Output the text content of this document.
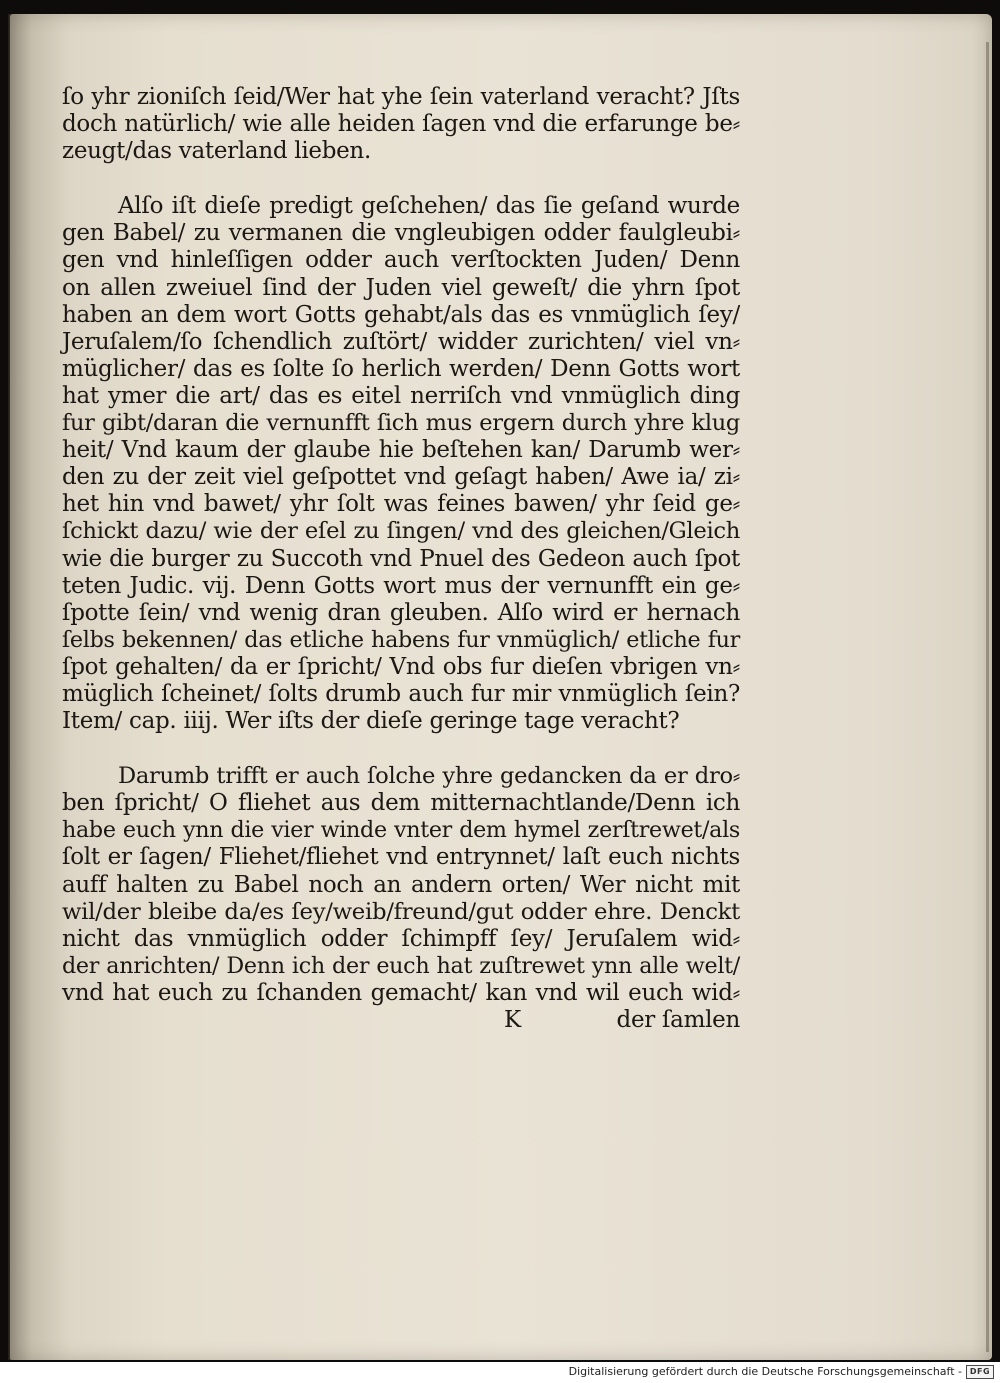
ſo yhr zioniſch ſeid/Wer hat yhe ſein vaterland veracht? Jſts
doch natürlich/ wie alle heiden ſagen vnd die erfarunge be⸗
zeugt/das vaterland lieben.
Alſo iſt dieſe predigt geſchehen/ das ſie geſand wurde
gen Babel/ zu vermanen die vngleubigen odder faulgleubi⸗
gen vnd hinleſſigen odder auch verſtockten Juden/ Denn
on allen zweiuel ſind der Juden viel geweſt/ die yhrn ſpot
haben an dem wort Gotts gehabt/als das es vnmüglich ſey/
Jeruſalem/ſo ſchendlich zuſtört/ widder zurichten/ viel vn⸗
müglicher/ das es ſolte ſo herlich werden/ Denn Gotts wort
hat ymer die art/ das es eitel nerriſch vnd vnmüglich ding
fur gibt/daran die vernunfft ſich mus ergern durch yhre klug
heit/ Vnd kaum der glaube hie beſtehen kan/ Darumb wer⸗
den zu der zeit viel geſpottet vnd geſagt haben/ Awe ia/ zi⸗
het hin vnd bawet/ yhr ſolt was feines bawen/ yhr ſeid ge⸗
ſchickt dazu/ wie der eſel zu ſingen/ vnd des gleichen/Gleich
wie die burger zu Succoth vnd Pnuel des Gedeon auch ſpot
teten Judic. vij. Denn Gotts wort mus der vernunfft ein ge⸗
ſpotte ſein/ vnd wenig dran gleuben. Alſo wird er hernach
ſelbs bekennen/ das etliche habens fur vnmüglich/ etliche fur
ſpot gehalten/ da er ſpricht/ Vnd obs fur dieſen vbrigen vn⸗
müglich ſcheinet/ ſolts drumb auch fur mir vnmüglich ſein?
Item/ cap. iiij. Wer iſts der dieſe geringe tage veracht?
Darumb trifft er auch ſolche yhre gedancken da er dro⸗
ben ſpricht/ O fliehet aus dem mitternachtlande/Denn ich
habe euch ynn die vier winde vnter dem hymel zerſtrewet/als
ſolt er ſagen/ Fliehet/fliehet vnd entrynnet/ laſt euch nichts
auff halten zu Babel noch an andern orten/ Wer nicht mit
wil/der bleibe da/es ſey/weib/freund/gut odder ehre. Denckt
nicht das vnmüglich odder ſchimpff ſey/ Jeruſalem wid⸗
der anrichten/ Denn ich der euch hat zuſtrewet ynn alle welt/
vnd hat euch zu ſchanden gemacht/ kan vnd wil euch wid⸗
K	der ſamlen
Digitalisierung gefördert durch die Deutsche Forschungsgemeinschaft - DFG
